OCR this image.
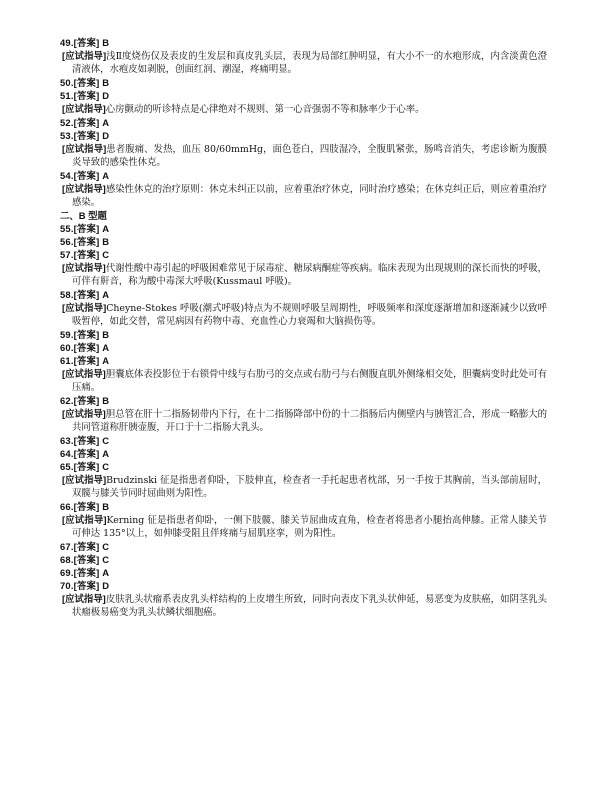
49.[答案] B
[应试指导]浅Ⅱ度烧伤仅及表皮的生发层和真皮乳头层，表现为局部红肿明显，有大小不一的水疱形成，内含淡黄色澄清液体，水疱皮如剥脱，创面红润、潮湿，疼痛明显。
50.[答案] B
51.[答案] D
[应试指导]心房颤动的听诊特点是心律绝对不规则、第一心音强弱不等和脉率少于心率。
52.[答案] A
53.[答案] D
[应试指导]患者腹痛、发热，血压 80/60mmHg，面色苍白，四肢湿冷，全腹肌紧张，肠鸣音消失，考虑诊断为腹膜炎导致的感染性休克。
54.[答案] A
[应试指导]感染性休克的治疗原则：休克未纠正以前，应着重治疗休克，同时治疗感染；在休克纠正后，则应着重治疗感染。
二、B 型题
55.[答案] A
56.[答案] B
57.[答案] C
[应试指导]代谢性酸中毒引起的呼吸困难常见于尿毒症、糖尿病酮症等疾病。临床表现为出现规则的深长而快的呼吸，可伴有鼾音，称为酸中毒深大呼吸(Kussmaul 呼吸)。
58.[答案] A
[应试指导]Cheyne-Stokes 呼吸(潮式呼吸)特点为不规则呼吸呈周期性，呼吸频率和深度逐渐增加和逐渐减少以致呼吸暂停，如此交替，常见病因有药物中毒、充血性心力衰竭和大脑损伤等。
59.[答案] B
60.[答案] A
61.[答案] A
[应试指导]胆囊底体表投影位于右锁骨中线与右肋弓的交点或右肋弓与右侧腹直肌外侧缘相交处，胆囊病变时此处可有压痛。
62.[答案] B
[应试指导]胆总管在肝十二指肠韧带内下行，在十二指肠降部中份的十二指肠后内侧壁内与胰管汇合，形成一略膨大的共同管道称肝胰壶腹，开口于十二指肠大乳头。
63.[答案] C
64.[答案] A
65.[答案] C
[应试指导]Brudzinski 征是指患者仰卧，下肢伸直，检查者一手托起患者枕部，另一手按于其胸前，当头部前屈时，双髋与膝关节同时屈曲则为阳性。
66.[答案] B
[应试指导]Kerning 征是指患者仰卧，一侧下肢髋、膝关节屈曲成直角，检查者将患者小腿抬高伸膝。正常人膝关节可伸达 135°以上，如伸膝受阻且伴疼痛与屈肌痉挛，则为阳性。
67.[答案] C
68.[答案] C
69.[答案] A
70.[答案] D
[应试指导]皮肤乳头状瘤系表皮乳头样结构的上皮增生所致，同时向表皮下乳头状伸延，易恶变为皮肤癌，如阴茎乳头状瘤极易癌变为乳头状鳞状细胞癌。
